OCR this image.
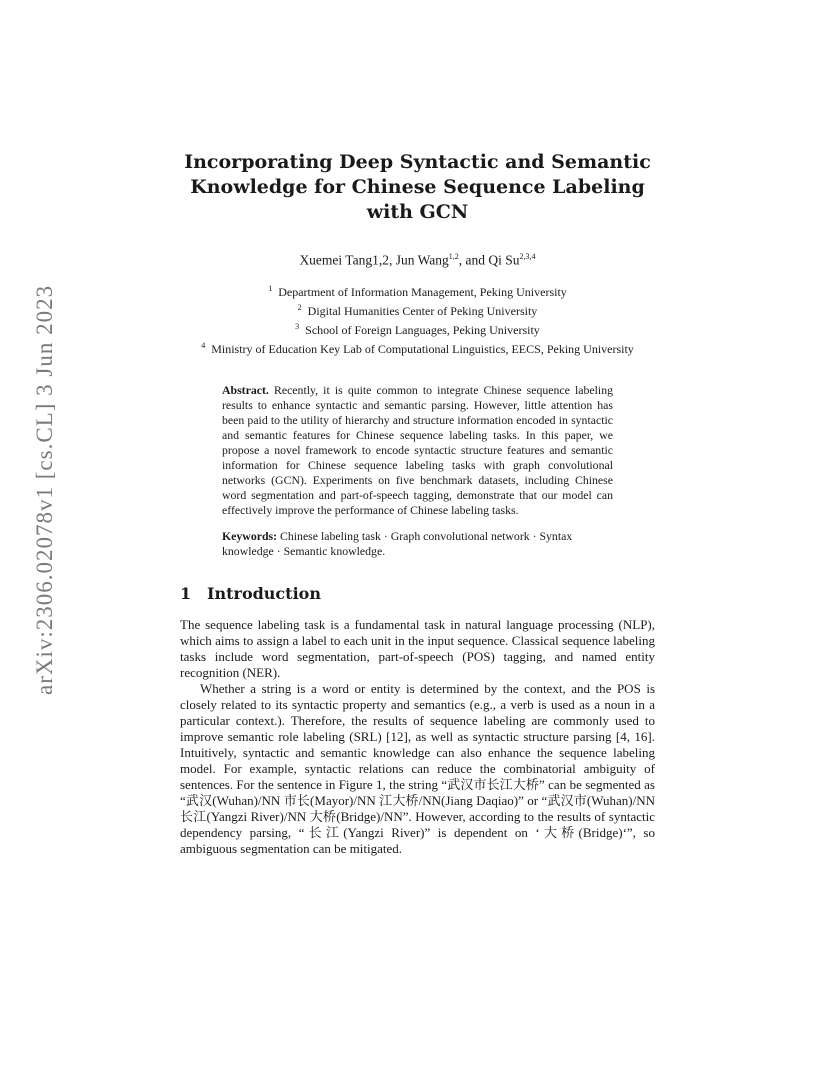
arXiv:2306.02078v1 [cs.CL] 3 Jun 2023
Incorporating Deep Syntactic and Semantic Knowledge for Chinese Sequence Labeling with GCN
Xuemei Tang1,2, Jun Wang$^{1,2}$, and Qi Su$^{2,3,4}$
$^1$ Department of Information Management, Peking University
$^2$ Digital Humanities Center of Peking University
$^3$ School of Foreign Languages, Peking University
$^4$ Ministry of Education Key Lab of Computational Linguistics, EECS, Peking University
Abstract. Recently, it is quite common to integrate Chinese sequence labeling results to enhance syntactic and semantic parsing. However, little attention has been paid to the utility of hierarchy and structure information encoded in syntactic and semantic features for Chinese sequence labeling tasks. In this paper, we propose a novel framework to encode syntactic structure features and semantic information for Chinese sequence labeling tasks with graph convolutional networks (GCN). Experiments on five benchmark datasets, including Chinese word segmentation and part-of-speech tagging, demonstrate that our model can effectively improve the performance of Chinese labeling tasks.
Keywords: Chinese labeling task · Graph convolutional network · Syntax knowledge · Semantic knowledge.
1 Introduction

The sequence labeling task is a fundamental task in natural language processing (NLP), which aims to assign a label to each unit in the input sequence. Classical sequence labeling tasks include word segmentation, part-of-speech (POS) tagging, and named entity recognition (NER).

Whether a string is a word or entity is determined by the context, and the POS is closely related to its syntactic property and semantics (e.g., a verb is used as a noun in a particular context.). Therefore, the results of sequence labeling are commonly used to improve semantic role labeling (SRL) [12], as well as syntactic structure parsing [4, 16]. Intuitively, syntactic and semantic knowledge can also enhance the sequence labeling model. For example, syntactic relations can reduce the combinatorial ambiguity of sentences. For the sentence in Figure 1, the string “武汉市长江大桥” can be segmented as “武汉(Wuhan)/NN 市长(Mayor)/NN 江大桥/NN(Jiang Daqiao)” or “武汉市(Wuhan)/NN 长江(Yangzi River)/NN 大桥(Bridge)/NN”. However, according to the results of syntactic dependency parsing, “长江(Yangzi River)” is dependent on ‘大桥(Bridge)‘”, so ambiguous segmentation can be mitigated.
